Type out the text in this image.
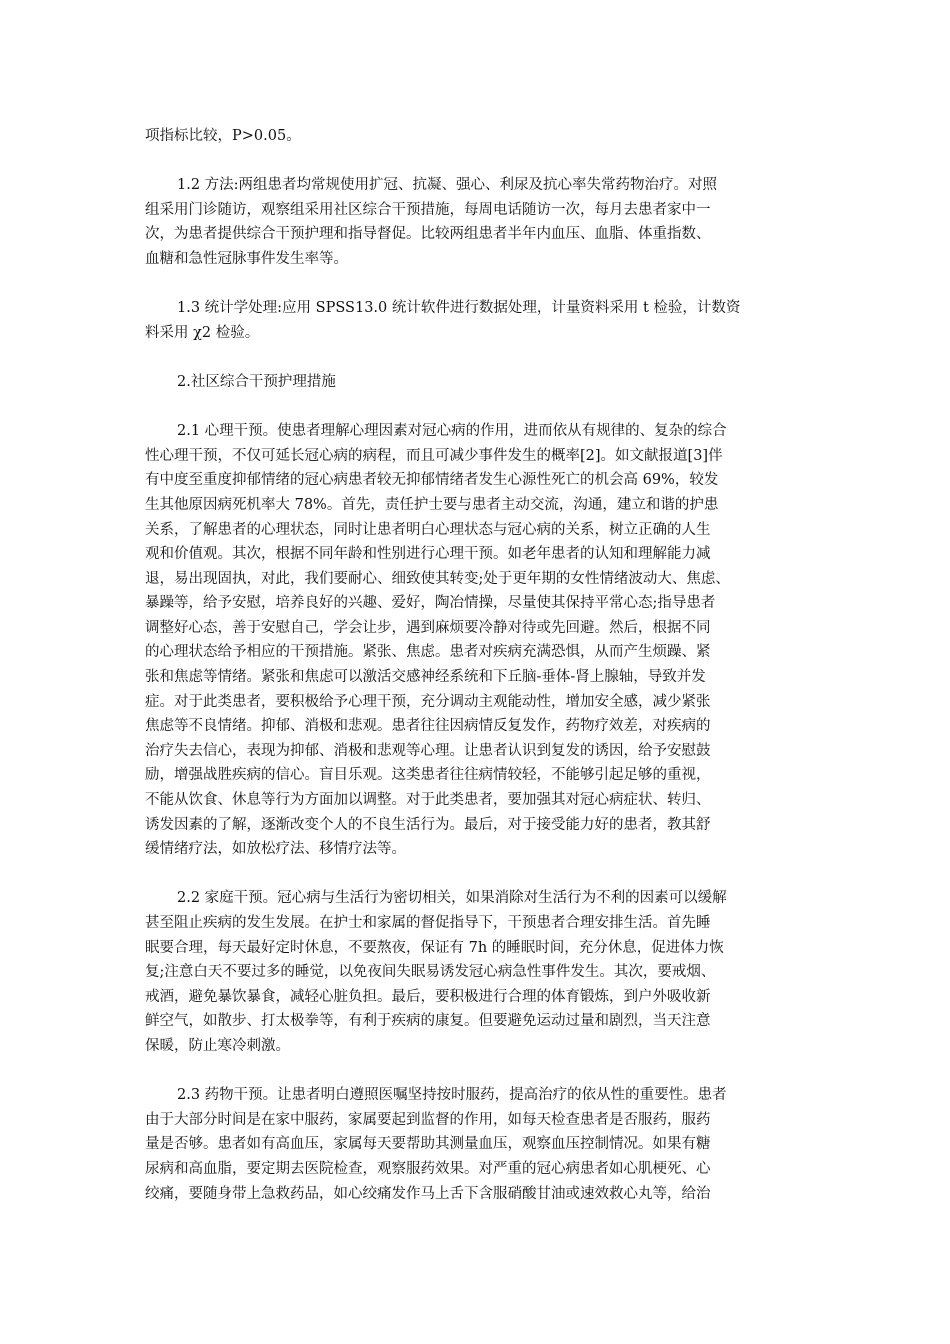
项指标比较，P>0.05。
1.2 方法:两组患者均常规使用扩冠、抗凝、强心、利尿及抗心率失常药物治疗。对照
组采用门诊随访，观察组采用社区综合干预措施，每周电话随访一次，每月去患者家中一
次，为患者提供综合干预护理和指导督促。比较两组患者半年内血压、血脂、体重指数、
血糖和急性冠脉事件发生率等。
1.3 统计学处理:应用 SPSS13.0 统计软件进行数据处理，计量资料采用 t 检验，计数资
料采用 χ2 检验。
2.社区综合干预护理措施
2.1 心理干预。使患者理解心理因素对冠心病的作用，进而依从有规律的、复杂的综合
性心理干预，不仅可延长冠心病的病程，而且可减少事件发生的概率[2]。如文献报道[3]伴
有中度至重度抑郁情绪的冠心病患者较无抑郁情绪者发生心源性死亡的机会高 69%，较发
生其他原因病死机率大 78%。首先，责任护士要与患者主动交流，沟通，建立和谐的护患
关系，了解患者的心理状态，同时让患者明白心理状态与冠心病的关系，树立正确的人生
观和价值观。其次，根据不同年龄和性别进行心理干预。如老年患者的认知和理解能力减
退，易出现固执，对此，我们要耐心、细致使其转变;处于更年期的女性情绪波动大、焦虑、
暴躁等，给予安慰，培养良好的兴趣、爱好，陶冶情操，尽量使其保持平常心态;指导患者
调整好心态，善于安慰自己，学会让步，遇到麻烦要冷静对待或先回避。然后，根据不同
的心理状态给予相应的干预措施。紧张、焦虑。患者对疾病充满恐惧，从而产生烦躁、紧
张和焦虑等情绪。紧张和焦虑可以激活交感神经系统和下丘脑-垂体-肾上腺轴，导致并发
症。对于此类患者，要积极给予心理干预，充分调动主观能动性，增加安全感，减少紧张
焦虑等不良情绪。抑郁、消极和悲观。患者往往因病情反复发作，药物疗效差，对疾病的
治疗失去信心，表现为抑郁、消极和悲观等心理。让患者认识到复发的诱因，给予安慰鼓
励，增强战胜疾病的信心。盲目乐观。这类患者往往病情较轻，不能够引起足够的重视，
不能从饮食、休息等行为方面加以调整。对于此类患者，要加强其对冠心病症状、转归、
诱发因素的了解，逐渐改变个人的不良生活行为。最后，对于接受能力好的患者，教其舒
缓情绪疗法，如放松疗法、移情疗法等。
2.2 家庭干预。冠心病与生活行为密切相关，如果消除对生活行为不利的因素可以缓解
甚至阻止疾病的发生发展。在护士和家属的督促指导下，干预患者合理安排生活。首先睡
眠要合理，每天最好定时休息，不要熬夜，保证有 7h 的睡眠时间，充分休息，促进体力恢
复;注意白天不要过多的睡觉，以免夜间失眠易诱发冠心病急性事件发生。其次，要戒烟、
戒酒，避免暴饮暴食，减轻心脏负担。最后，要积极进行合理的体育锻炼，到户外吸收新
鲜空气，如散步、打太极拳等，有利于疾病的康复。但要避免运动过量和剧烈，当天注意
保暖，防止寒冷刺激。
2.3 药物干预。让患者明白遵照医嘱坚持按时服药，提高治疗的依从性的重要性。患者
由于大部分时间是在家中服药，家属要起到监督的作用，如每天检查患者是否服药，服药
量是否够。患者如有高血压，家属每天要帮助其测量血压，观察血压控制情况。如果有糖
尿病和高血脂，要定期去医院检查，观察服药效果。对严重的冠心病患者如心肌梗死、心
绞痛，要随身带上急救药品，如心绞痛发作马上舌下含服硝酸甘油或速效救心丸等，给治
